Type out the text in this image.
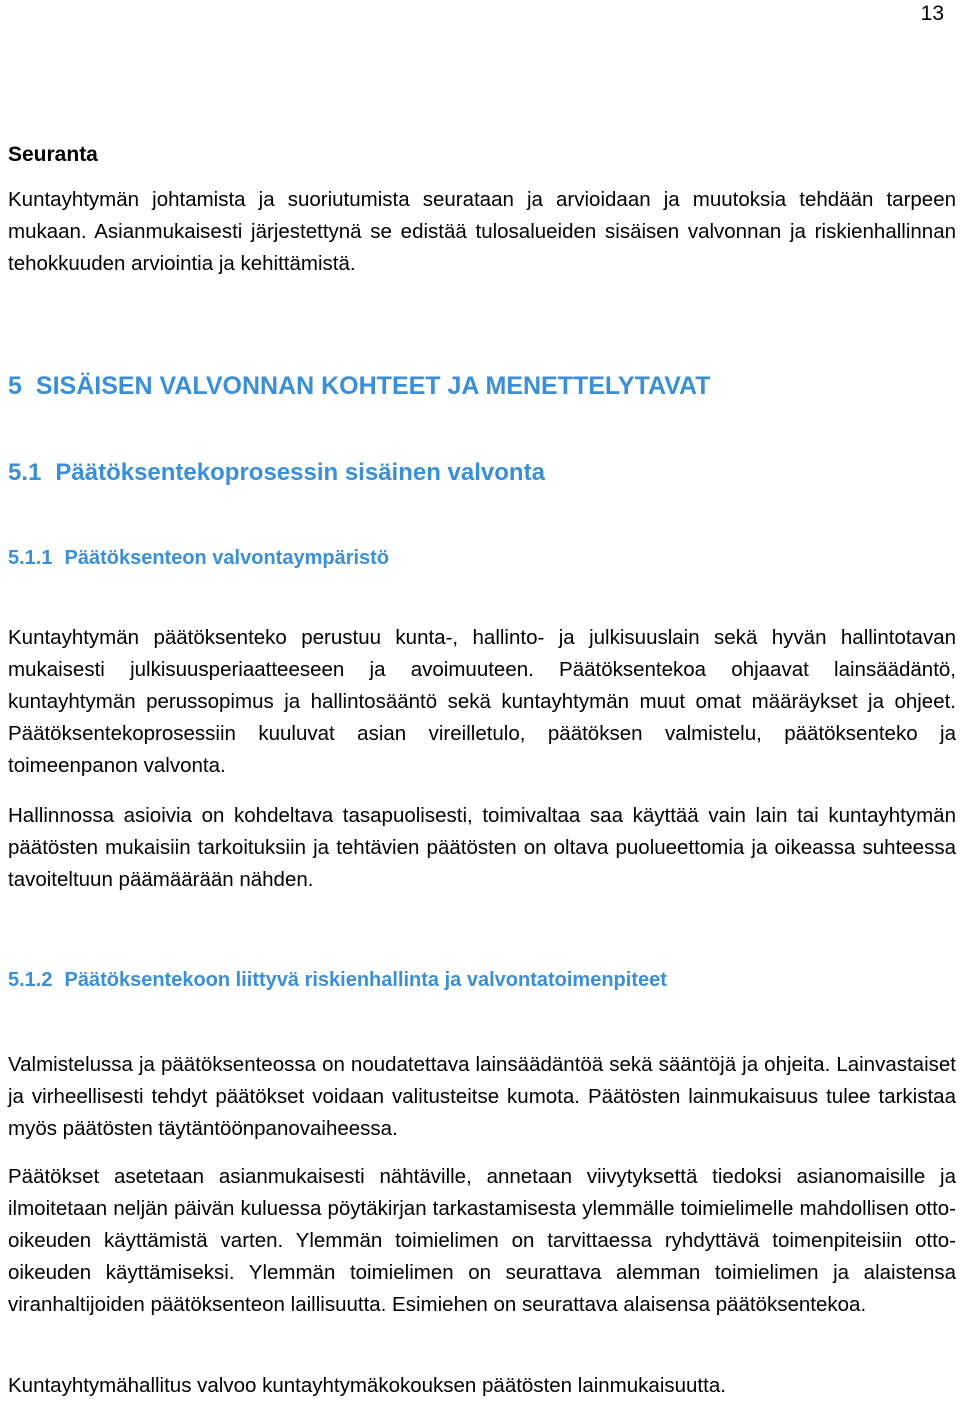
13
Seuranta

Kuntayhtymän johtamista ja suoriutumista seurataan ja arvioidaan ja muutoksia tehdään tarpeen mukaan. Asianmukaisesti järjestettynä se edistää tulosalueiden sisäisen valvonnan ja riskienhallinnan tehokkuuden arviointia ja kehittämistä.

5 SISÄISEN VALVONNAN KOHTEET JA MENETTELYTAVAT
5.1 Päätöksentekoprosessin sisäinen valvonta
5.1.1 Päätöksenteon valvontaympäristö

Kuntayhtymän päätöksenteko perustuu kunta-, hallinto- ja julkisuuslain sekä hyvän hallintotavan mukaisesti julkisuusperiaatteeseen ja avoimuuteen. Päätöksentekoa ohjaavat lainsäädäntö, kuntayhtymän perussopimus ja hallintosääntö sekä kuntayhtymän muut omat määräykset ja ohjeet. Päätöksentekoprosessiin kuuluvat asian vireilletulo, päätöksen valmistelu, päätöksenteko ja toimeenpanon valvonta.

Hallinnossa asioivia on kohdeltava tasapuolisesti, toimivaltaa saa käyttää vain lain tai kuntayhtymän päätösten mukaisiin tarkoituksiin ja tehtävien päätösten on oltava puolueettomia ja oikeassa suhteessa tavoiteltuun päämäärään nähden.

5.1.2 Päätöksentekoon liittyvä riskienhallinta ja valvontatoimenpiteet

Valmistelussa ja päätöksenteossa on noudatettava lainsäädäntöä sekä sääntöjä ja ohjeita. Lainvastaiset ja virheellisesti tehdyt päätökset voidaan valitusteitse kumota. Päätösten lainmukaisuus tulee tarkistaa myös päätösten täytäntöönpanovaiheessa.

Päätökset asetetaan asianmukaisesti nähtäville, annetaan viivytyksettä tiedoksi asianomaisille ja ilmoitetaan neljän päivän kuluessa pöytäkirjan tarkastamisesta ylemmälle toimielimelle mahdollisen otto-oikeuden käyttämistä varten. Ylemmän toimielimen on tarvittaessa ryhdyttävä toimenpiteisiin otto-oikeuden käyttämiseksi. Ylemmän toimielimen on seurattava alemman toimielimen ja alaistensa viranhaltijoiden päätöksenteon laillisuutta. Esimiehen on seurattava alaisensa päätöksentekoa.

Kuntayhtymähallitus valvoo kuntayhtymäkokouksen päätösten lainmukaisuutta.
